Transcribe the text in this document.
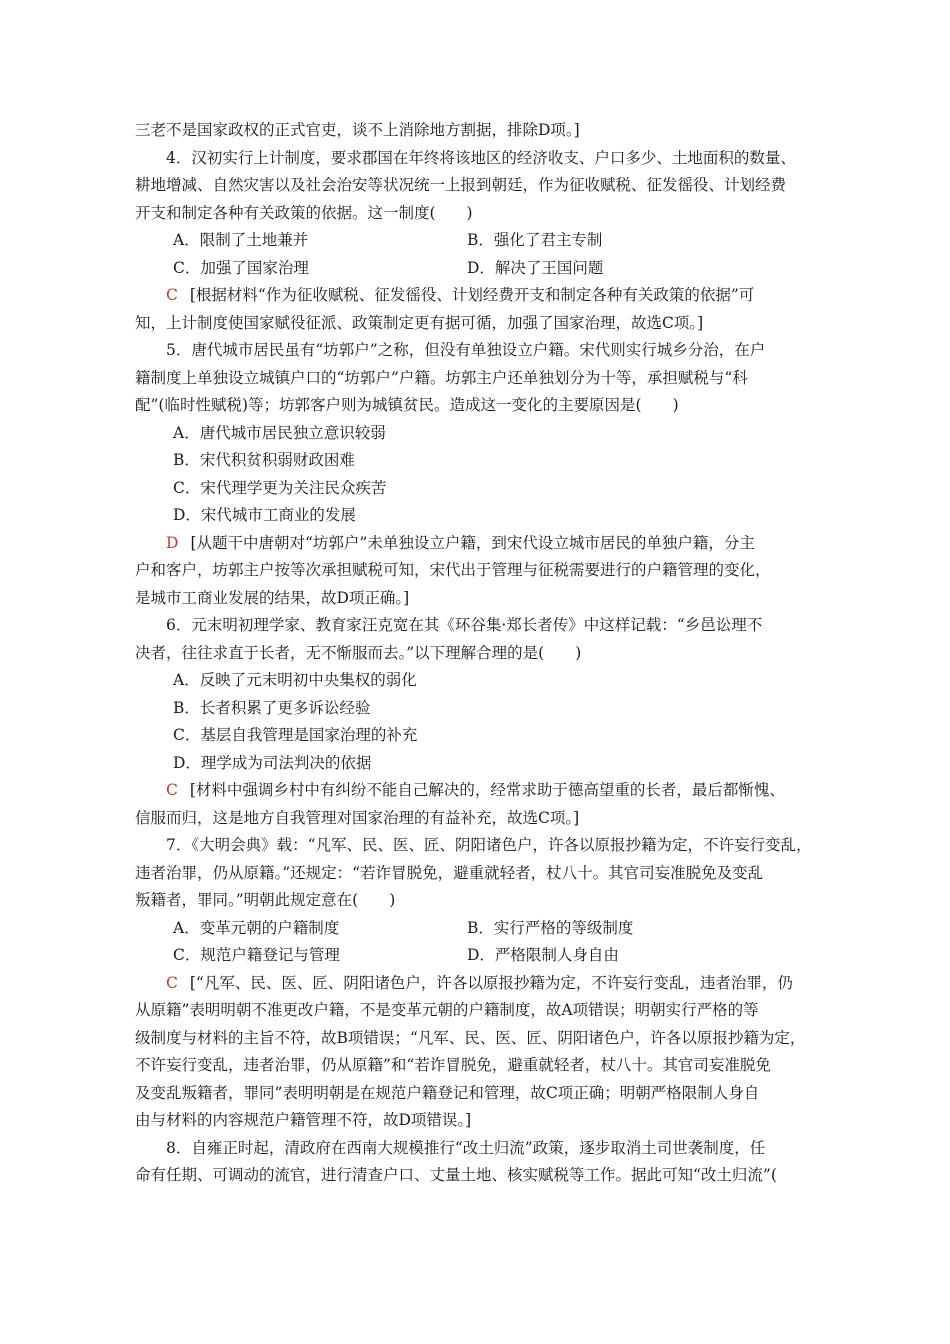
三老不是国家政权的正式官吏，谈不上消除地方割据，排除D项。]
4．汉初实行上计制度，要求郡国在年终将该地区的经济收支、户口多少、土地面积的数量、
耕地增减、自然灾害以及社会治安等状况统一上报到朝廷，作为征收赋税、征发徭役、计划经费
开支和制定各种有关政策的依据。这一制度(　　)
A．限制了土地兼并	B．强化了君主专制
C．加强了国家治理	D．解决了王国问题
C [根据材料“作为征收赋税、征发徭役、计划经费开支和制定各种有关政策的依据”可
知，上计制度使国家赋役征派、政策制定更有据可循，加强了国家治理，故选C项。]
5．唐代城市居民虽有“坊郭户”之称，但没有单独设立户籍。宋代则实行城乡分治，在户
籍制度上单独设立城镇户口的“坊郭户”户籍。坊郭主户还单独划分为十等，承担赋税与“科
配”(临时性赋税)等；坊郭客户则为城镇贫民。造成这一变化的主要原因是(　　)
A．唐代城市居民独立意识较弱
B．宋代积贫积弱财政困难
C．宋代理学更为关注民众疾苦
D．宋代城市工商业的发展
D [从题干中唐朝对“坊郭户”未单独设立户籍，到宋代设立城市居民的单独户籍，分主
户和客户，坊郭主户按等次承担赋税可知，宋代出于管理与征税需要进行的户籍管理的变化，
是城市工商业发展的结果，故D项正确。]
6．元末明初理学家、教育家汪克宽在其《环谷集·郑长者传》中这样记载：“乡邑讼理不
决者，往往求直于长者，无不惭服而去。”以下理解合理的是(　　)
A．反映了元末明初中央集权的弱化
B．长者积累了更多诉讼经验
C．基层自我管理是国家治理的补充
D．理学成为司法判决的依据
C [材料中强调乡村中有纠纷不能自己解决的，经常求助于德高望重的长者，最后都惭愧、
信服而归，这是地方自我管理对国家治理的有益补充，故选C项。]
7．《大明会典》载：“凡军、民、医、匠、阴阳诸色户，许各以原报抄籍为定，不许妄行变乱，
违者治罪，仍从原籍。”还规定：“若诈冒脱免，避重就轻者，杖八十。其官司妄准脱免及变乱
叛籍者，罪同。”明朝此规定意在(　　)
A．变革元朝的户籍制度	B．实行严格的等级制度
C．规范户籍登记与管理	D．严格限制人身自由
C [“凡军、民、医、匠、阴阳诸色户，许各以原报抄籍为定，不许妄行变乱，违者治罪，仍
从原籍”表明明朝不准更改户籍，不是变革元朝的户籍制度，故A项错误；明朝实行严格的等
级制度与材料的主旨不符，故B项错误；“凡军、民、医、匠、阴阳诸色户，许各以原报抄籍为定，
不许妄行变乱，违者治罪，仍从原籍”和“若诈冒脱免，避重就轻者，杖八十。其官司妄准脱免
及变乱叛籍者，罪同”表明明朝是在规范户籍登记和管理，故C项正确；明朝严格限制人身自
由与材料的内容规范户籍管理不符，故D项错误。]
8．自雍正时起，清政府在西南大规模推行“改土归流”政策，逐步取消土司世袭制度，任
命有任期、可调动的流官，进行清查户口、丈量土地、核实赋税等工作。据此可知“改土归流”(
